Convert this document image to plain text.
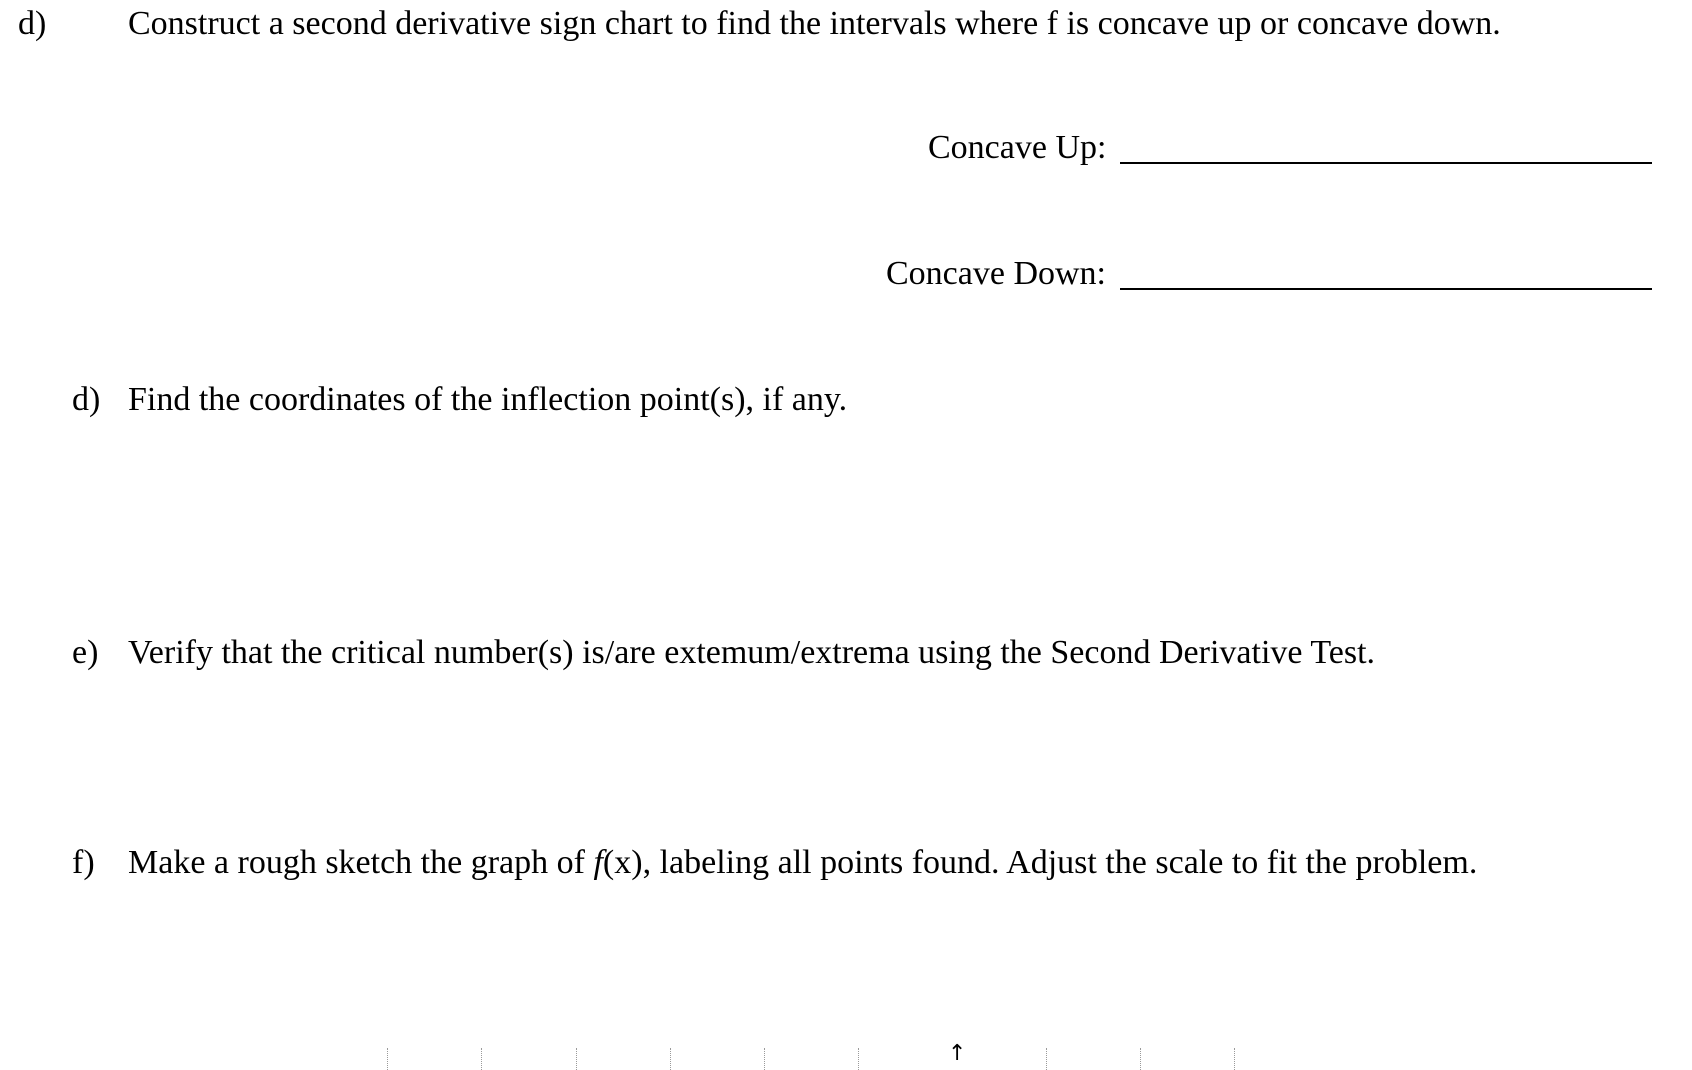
d) Construct a second derivative sign chart to find the intervals where f is concave up or concave down.
Concave Up:
Concave Down:
d) Find the coordinates of the inflection point(s), if any.
e) Verify that the critical number(s) is/are extemum/extrema using the Second Derivative Test.
f) Make a rough sketch the graph of f(x), labeling all points found. Adjust the scale to fit the problem.
↑
